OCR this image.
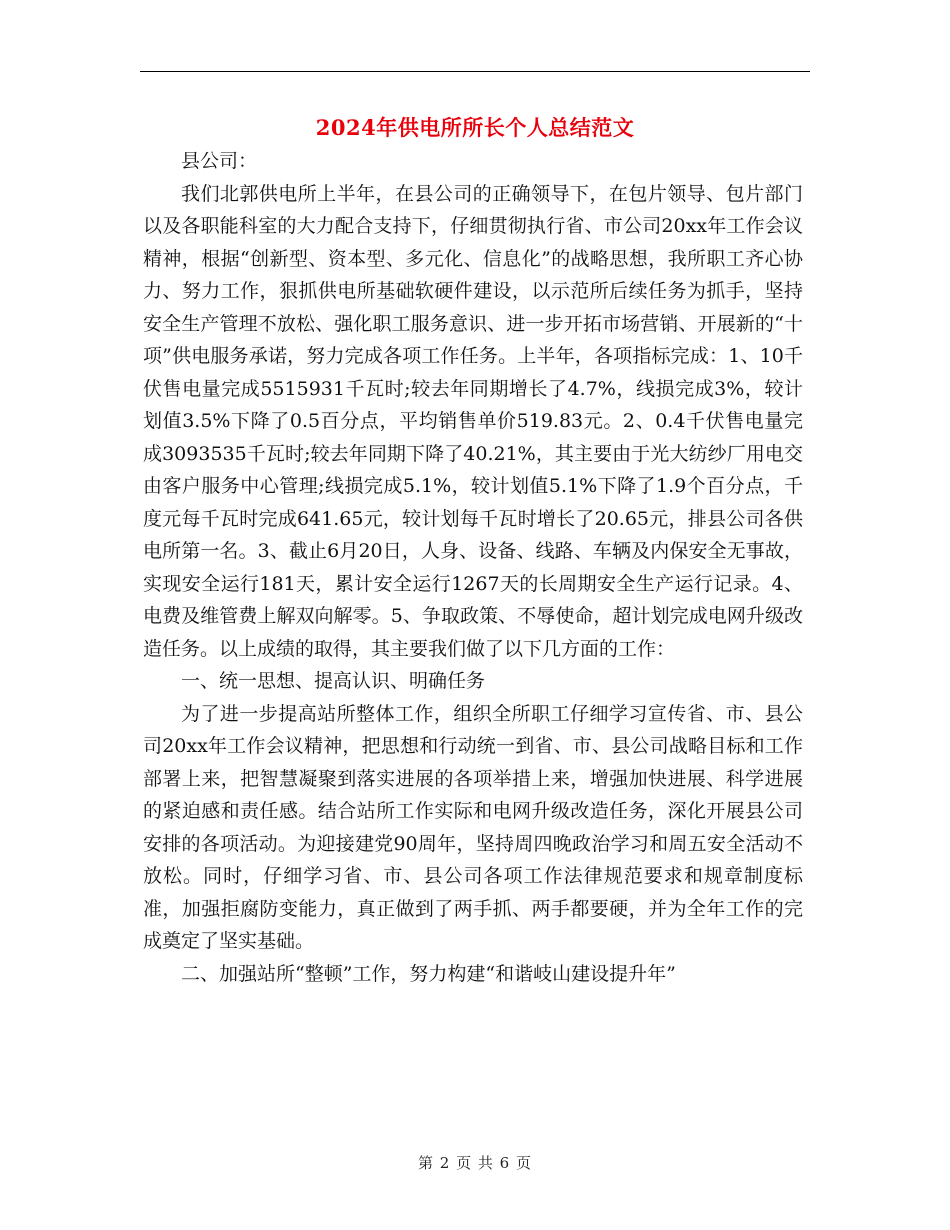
2024年供电所所长个人总结范文

县公司：

我们北郭供电所上半年，在县公司的正确领导下，在包片领导、包片部门以及各职能科室的大力配合支持下，仔细贯彻执行省、市公司20xx年工作会议精神，根据“创新型、资本型、多元化、信息化”的战略思想，我所职工齐心协力、努力工作，狠抓供电所基础软硬件建设，以示范所后续任务为抓手，坚持安全生产管理不放松、强化职工服务意识、进一步开拓市场营销、开展新的“十项”供电服务承诺，努力完成各项工作任务。上半年，各项指标完成：1、10千伏售电量完成5515931千瓦时;较去年同期增长了4.7%，线损完成3%，较计划值3.5%下降了0.5百分点，平均销售单价519.83元。2、0.4千伏售电量完成3093535千瓦时;较去年同期下降了40.21%，其主要由于光大纺纱厂用电交由客户服务中心管理;线损完成5.1%，较计划值5.1%下降了1.9个百分点，千度元每千瓦时完成641.65元，较计划每千瓦时增长了20.65元，排县公司各供电所第一名。3、截止6月20日，人身、设备、线路、车辆及内保安全无事故，实现安全运行181天，累计安全运行1267天的长周期安全生产运行记录。4、电费及维管费上解双向解零。5、争取政策、不辱使命，超计划完成电网升级改造任务。以上成绩的取得，其主要我们做了以下几方面的工作：

一、统一思想、提高认识、明确任务

为了进一步提高站所整体工作，组织全所职工仔细学习宣传省、市、县公司20xx年工作会议精神，把思想和行动统一到省、市、县公司战略目标和工作部署上来，把智慧凝聚到落实进展的各项举措上来，增强加快进展、科学进展的紧迫感和责任感。结合站所工作实际和电网升级改造任务，深化开展县公司安排的各项活动。为迎接建党90周年，坚持周四晚政治学习和周五安全活动不放松。同时，仔细学习省、市、县公司各项工作法律规范要求和规章制度标准，加强拒腐防变能力，真正做到了两手抓、两手都要硬，并为全年工作的完成奠定了坚实基础。

二、加强站所“整顿”工作，努力构建“和谐岐山建设提升年”

第 2 页 共 6 页
